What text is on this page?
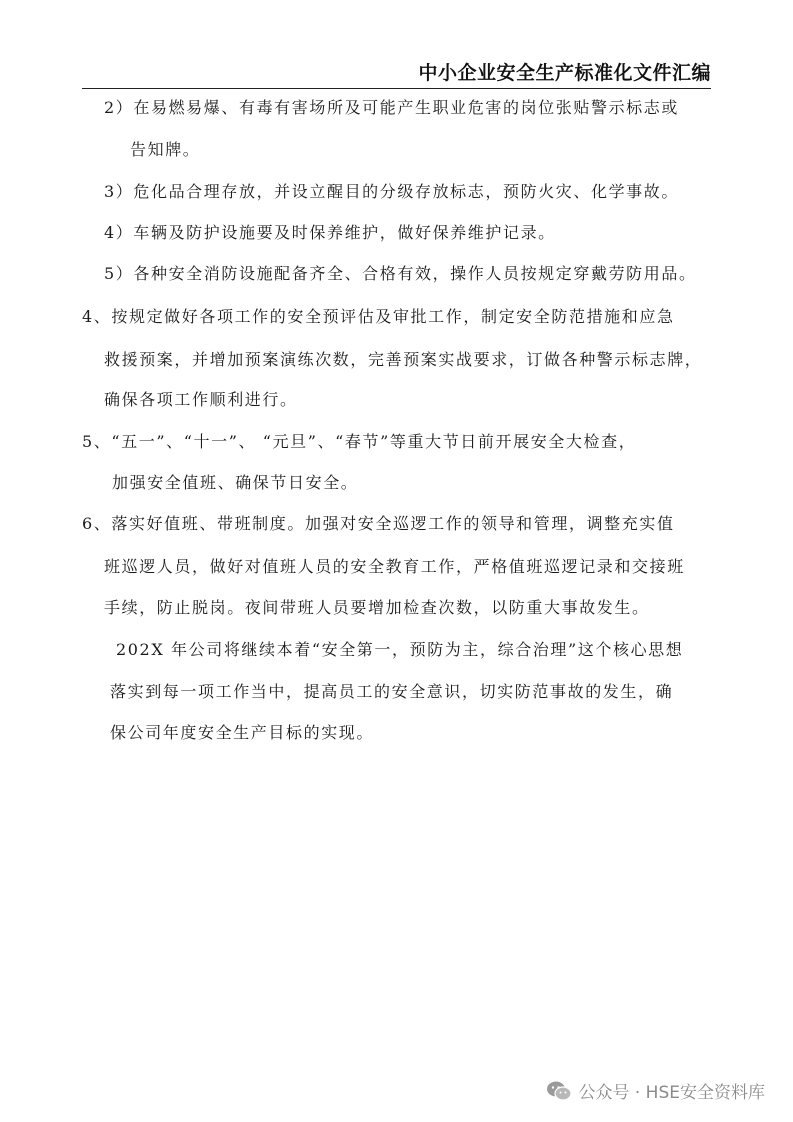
中小企业安全生产标准化文件汇编
2）在易燃易爆、有毒有害场所及可能产生职业危害的岗位张贴警示标志或
告知牌。
3）危化品合理存放，并设立醒目的分级存放标志，预防火灾、化学事故。
4）车辆及防护设施要及时保养维护，做好保养维护记录。
5）各种安全消防设施配备齐全、合格有效，操作人员按规定穿戴劳防用品。
4、按规定做好各项工作的安全预评估及审批工作，制定安全防范措施和应急
救援预案，并增加预案演练次数，完善预案实战要求，订做各种警示标志牌，
确保各项工作顺利进行。
5、“五一”、“十一”、 “元旦”、“春节”等重大节日前开展安全大检查，
加强安全值班、确保节日安全。
6、落实好值班、带班制度。加强对安全巡逻工作的领导和管理，调整充实值
班巡逻人员，做好对值班人员的安全教育工作，严格值班巡逻记录和交接班
手续，防止脱岗。夜间带班人员要增加检查次数，以防重大事故发生。
202X 年公司将继续本着“安全第一，预防为主，综合治理”这个核心思想
落实到每一项工作当中，提高员工的安全意识，切实防范事故的发生，确
保公司年度安全生产目标的实现。
公众号 · HSE安全资料库
